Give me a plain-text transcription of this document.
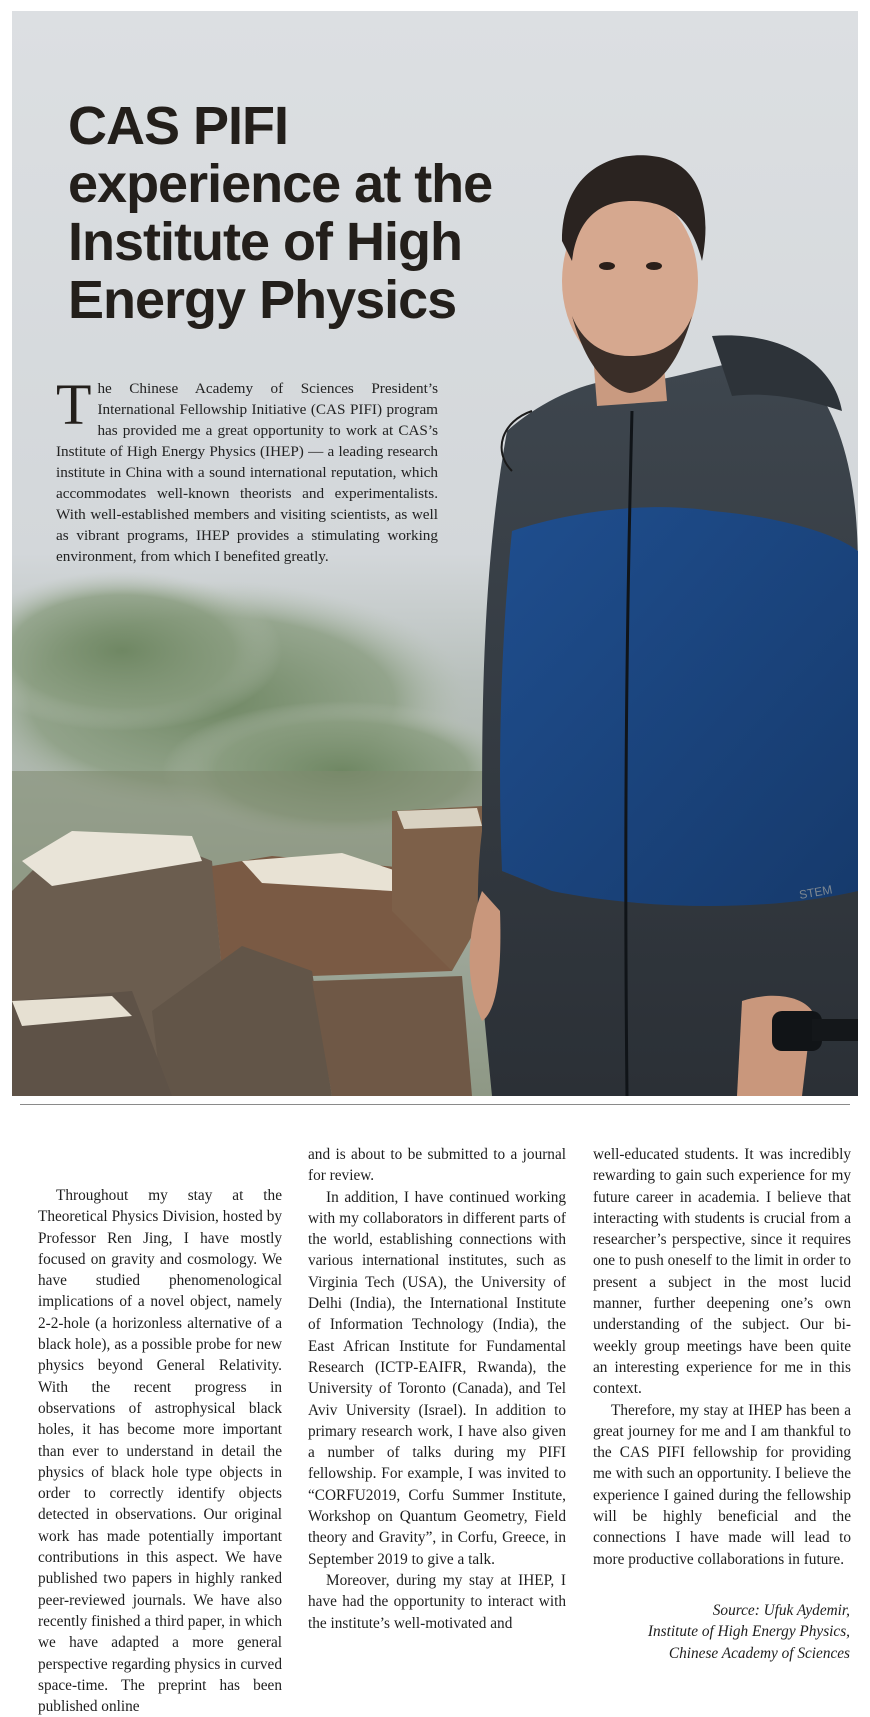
STEM
CAS PIFI experience at the Institute of High Energy Physics

The Chinese Academy of Sciences President’s International Fellowship Initiative (CAS PIFI) program has provided me a great opportunity to work at CAS’s Institute of High Energy Physics (IHEP) — a leading research institute in China with a sound international reputation, which accommodates well-known theorists and experimentalists. With well-established members and visiting scientists, as well as vibrant programs, IHEP provides a stimulating working environment, from which I benefited greatly.

Throughout my stay at the Theoretical Physics Division, hosted by Professor Ren Jing, I have mostly focused on gravity and cosmology. We have studied phenomenological implications of a novel object, namely 2-2-hole (a horizonless alternative of a black hole), as a possible probe for new physics beyond General Relativity. With the recent progress in observations of astrophysical black holes, it has become more important than ever to understand in detail the physics of black hole type objects in order to correctly identify objects detected in observations. Our original work has made potentially important contributions in this aspect. We have published two papers in highly ranked peer-reviewed journals. We have also recently finished a third paper, in which we have adapted a more general perspective regarding physics in curved space-time. The preprint has been published online

and is about to be submitted to a journal for review.

In addition, I have continued working with my collaborators in different parts of the world, establishing connections with various international institutes, such as Virginia Tech (USA), the University of Delhi (India), the International Institute of Information Technology (India), the East African Institute for Fundamental Research (ICTP-EAIFR, Rwanda), the University of Toronto (Canada), and Tel Aviv University (Israel). In addition to primary research work, I have also given a number of talks during my PIFI fellowship. For example, I was invited to “CORFU2019, Corfu Summer Institute, Workshop on Quantum Geometry, Field theory and Gravity”, in Corfu, Greece, in September 2019 to give a talk.

Moreover, during my stay at IHEP, I have had the opportunity to interact with the institute’s well-motivated and

well-educated students. It was incredibly rewarding to gain such experience for my future career in academia. I believe that interacting with students is crucial from a researcher’s perspective, since it requires one to push oneself to the limit in order to present a subject in the most lucid manner, further deepening one’s own understanding of the subject. Our bi-weekly group meetings have been quite an interesting experience for me in this context.

Therefore, my stay at IHEP has been a great journey for me and I am thankful to the CAS PIFI fellowship for providing me with such an opportunity. I believe the experience I gained during the fellowship will be highly beneficial and the connections I have made will lead to more productive collaborations in future.

Source: Ufuk Aydemir,
Institute of High Energy Physics,
Chinese Academy of Sciences
